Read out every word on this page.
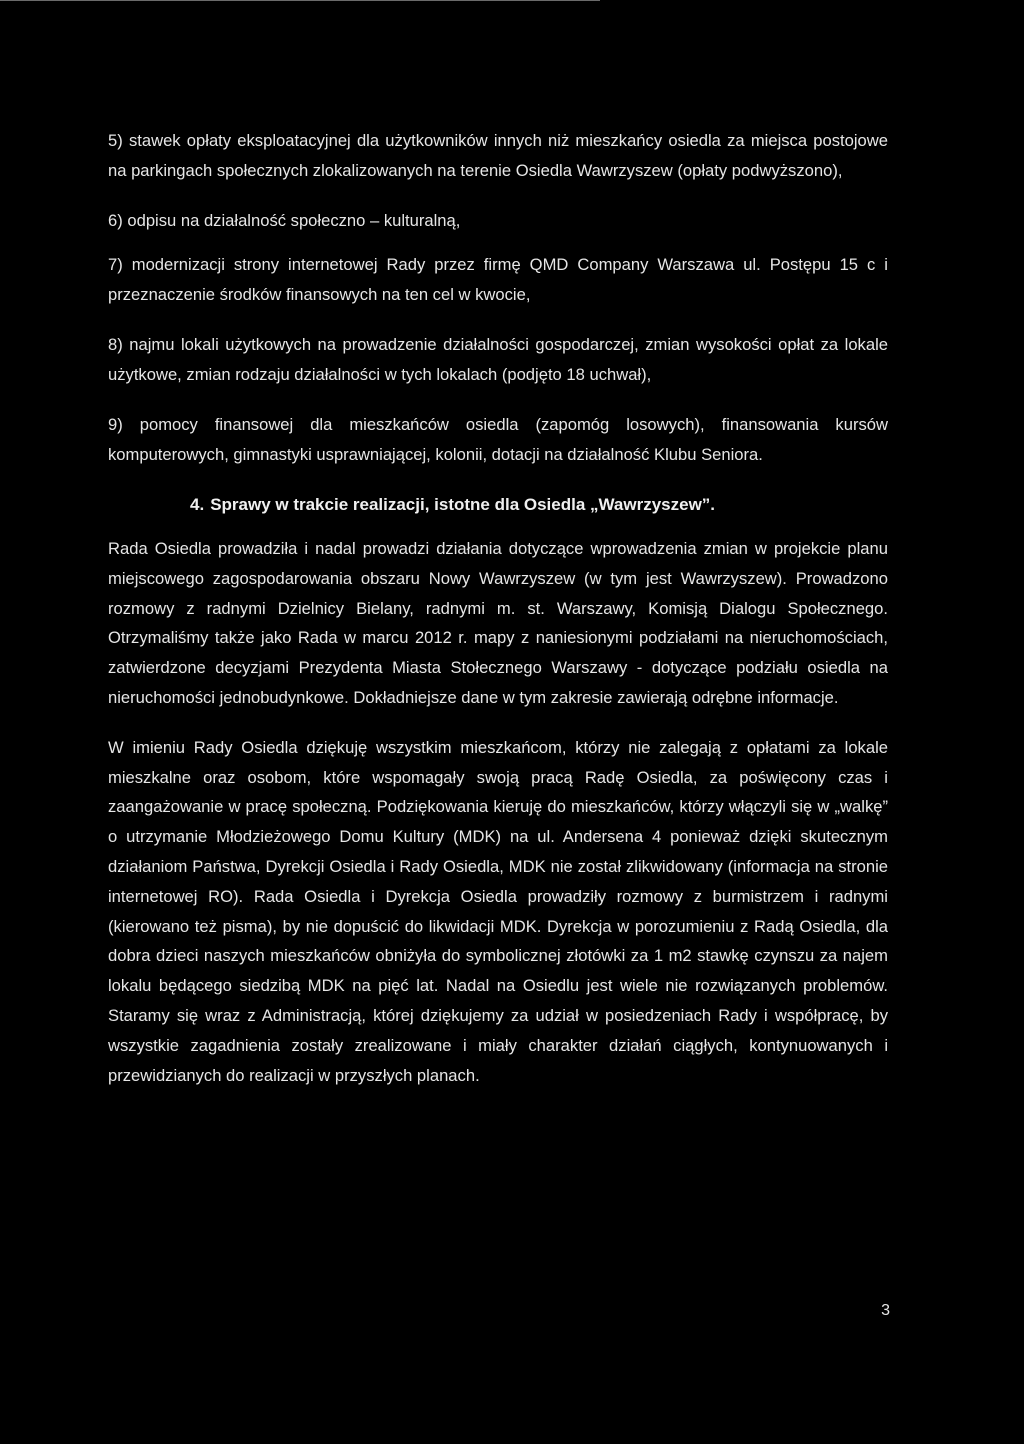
5) stawek opłaty eksploatacyjnej dla użytkowników innych niż mieszkańcy osiedla za miejsca postojowe na parkingach społecznych zlokalizowanych na terenie Osiedla Wawrzyszew (opłaty podwyższono),

6) odpisu na działalność społeczno – kulturalną,

7) modernizacji strony internetowej Rady przez firmę QMD Company Warszawa ul. Postępu 15 c i przeznaczenie środków finansowych na ten cel w kwocie,

8) najmu lokali użytkowych na prowadzenie działalności gospodarczej, zmian wysokości opłat za lokale użytkowe, zmian rodzaju działalności w tych lokalach (podjęto 18 uchwał),

9) pomocy finansowej dla mieszkańców osiedla (zapomóg losowych), finansowania kursów komputerowych, gimnastyki usprawniającej, kolonii, dotacji na działalność Klubu Seniora.

4. Sprawy w trakcie realizacji, istotne dla Osiedla „Wawrzyszew”.

Rada Osiedla prowadziła i nadal prowadzi działania dotyczące wprowadzenia zmian w projekcie planu miejscowego zagospodarowania obszaru Nowy Wawrzyszew (w tym jest Wawrzyszew). Prowadzono rozmowy z radnymi Dzielnicy Bielany, radnymi m. st. Warszawy, Komisją Dialogu Społecznego. Otrzymaliśmy także jako Rada w marcu 2012 r. mapy z naniesionymi podziałami na nieruchomościach, zatwierdzone decyzjami Prezydenta Miasta Stołecznego Warszawy - dotyczące podziału osiedla na nieruchomości jednobudynkowe. Dokładniejsze dane w tym zakresie zawierają odrębne informacje.

W imieniu Rady Osiedla dziękuję wszystkim mieszkańcom, którzy nie zalegają z opłatami za lokale mieszkalne oraz osobom, które wspomagały swoją pracą Radę Osiedla, za poświęcony czas i zaangażowanie w pracę społeczną. Podziękowania kieruję do mieszkańców, którzy włączyli się w „walkę” o utrzymanie Młodzieżowego Domu Kultury (MDK) na ul. Andersena 4 ponieważ dzięki skutecznym działaniom Państwa, Dyrekcji Osiedla i Rady Osiedla, MDK nie został zlikwidowany (informacja na stronie internetowej RO). Rada Osiedla i Dyrekcja Osiedla prowadziły rozmowy z burmistrzem i radnymi (kierowano też pisma), by nie dopuścić do likwidacji MDK. Dyrekcja w porozumieniu z Radą Osiedla, dla dobra dzieci naszych mieszkańców obniżyła do symbolicznej złotówki za 1 m2 stawkę czynszu za najem lokalu będącego siedzibą MDK na pięć lat. Nadal na Osiedlu jest wiele nie rozwiązanych problemów. Staramy się wraz z Administracją, której dziękujemy za udział w posiedzeniach Rady i współpracę, by wszystkie zagadnienia zostały zrealizowane i miały charakter działań ciągłych, kontynuowanych i przewidzianych do realizacji w przyszłych planach.

3
